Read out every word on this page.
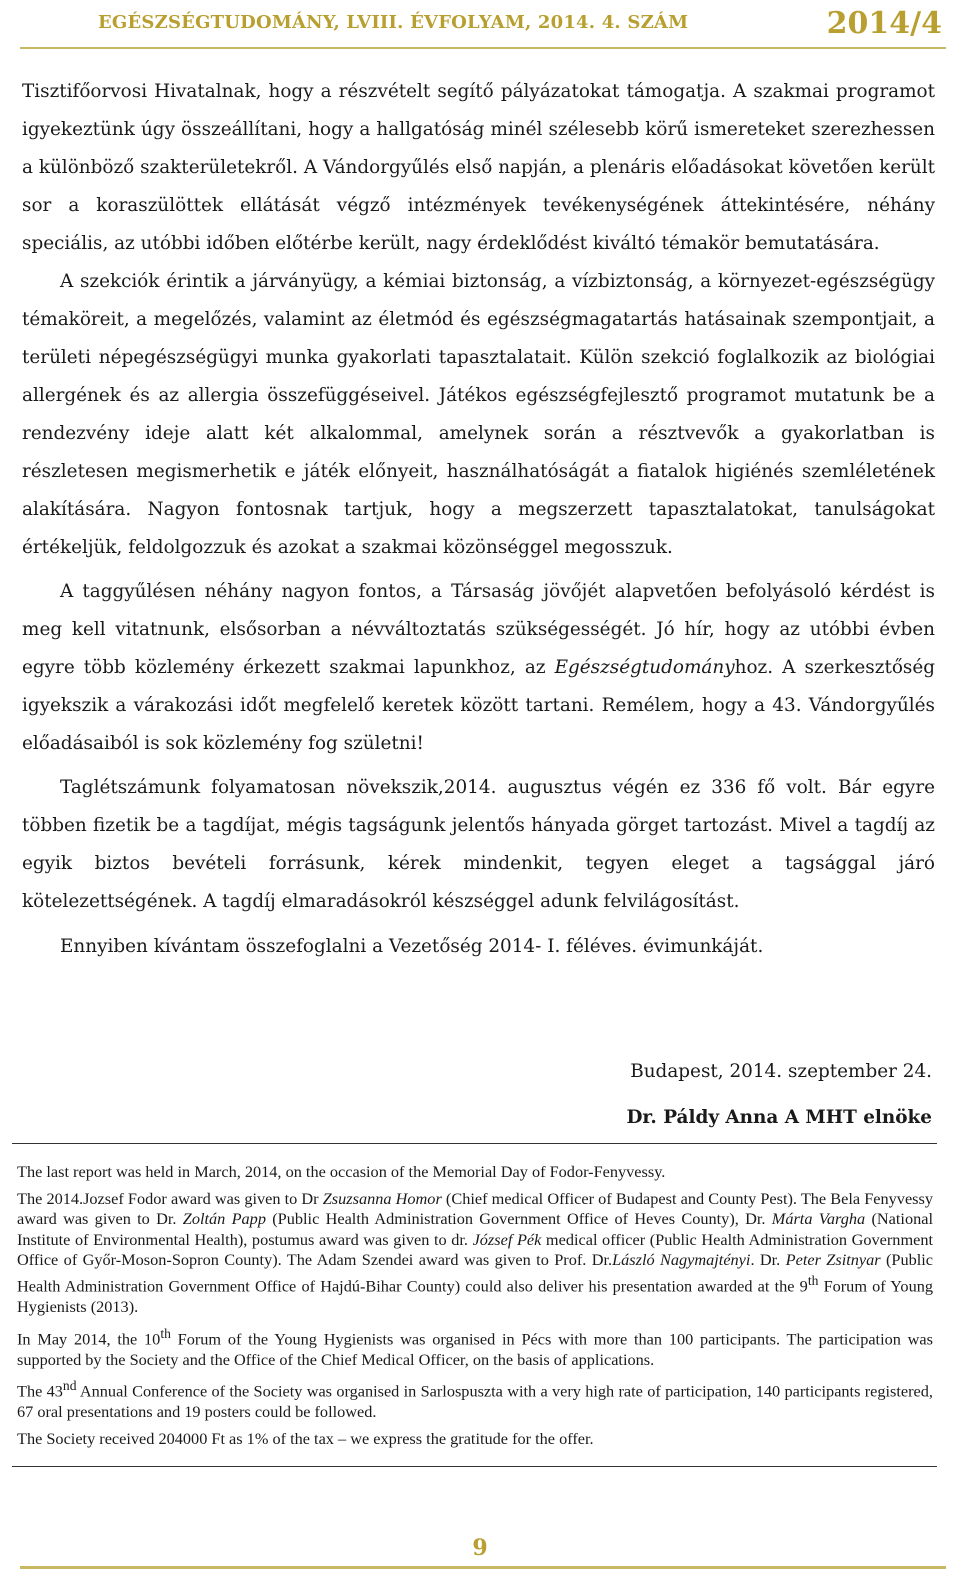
EGÉSZSÉGTUDOMÁNY, LVIII. ÉVFOLYAM, 2014. 4. SZÁM	2014/4

Tisztifőorvosi Hivatalnak, hogy a részvételt segítő pályázatokat támogatja. A szakmai programot igyekeztünk úgy összeállítani, hogy a hallgatóság minél szélesebb körű ismereteket szerezhessen a különböző szakterületekről. A Vándorgyűlés első napján, a plenáris előadásokat követően került sor a koraszülöttek ellátását végző intézmények tevékenységének áttekintésére, néhány speciális, az utóbbi időben előtérbe került, nagy érdeklődést kiváltó témakör bemutatására.

A szekciók érintik a járványügy, a kémiai biztonság, a vízbiztonság, a környezet-egészségügy témaköreit, a megelőzés, valamint az életmód és egészségmagatartás hatásainak szempontjait, a területi népegészségügyi munka gyakorlati tapasztalatait. Külön szekció foglalkozik az biológiai allergének és az allergia összefüggéseivel. Játékos egészségfejlesztő programot mutatunk be a rendezvény ideje alatt két alkalommal, amelynek során a résztvevők a gyakorlatban is részletesen megismerhetik e játék előnyeit, használhatóságát a fiatalok higiénés szemléletének alakítására. Nagyon fontosnak tartjuk, hogy a megszerzett tapasztalatokat, tanulságokat értékeljük, feldolgozzuk és azokat a szakmai közönséggel megosszuk.

A taggyűlésen néhány nagyon fontos, a Társaság jövőjét alapvetően befolyásoló kérdést is meg kell vitatnunk, elsősorban a névváltoztatás szükségességét. Jó hír, hogy az utóbbi évben egyre több közlemény érkezett szakmai lapunkhoz, az Egészségtudományhoz. A szerkesztőség igyekszik a várakozási időt megfelelő keretek között tartani. Remélem, hogy a 43. Vándorgyűlés előadásaiból is sok közlemény fog születni!

Taglétszámunk folyamatosan növekszik,2014. augusztus végén ez 336 fő volt. Bár egyre többen fizetik be a tagdíjat, mégis tagságunk jelentős hányada görget tartozást. Mivel a tagdíj az egyik biztos bevételi forrásunk, kérek mindenkit, tegyen eleget a tagsággal járó kötelezettségének. A tagdíj elmaradásokról készséggel adunk felvilágosítást.

Ennyiben kívántam összefoglalni a Vezetőség 2014- I. féléves. évimunkáját.

Budapest, 2014. szeptember 24.
Dr. Páldy Anna A MHT elnöke

The last report was held in March, 2014, on the occasion of the Memorial Day of Fodor-Fenyvessy.

The 2014.Jozsef Fodor award was given to Dr Zsuzsanna Homor (Chief medical Officer of Budapest and County Pest). The Bela Fenyvessy award was given to Dr. Zoltán Papp (Public Health Administration Government Office of Heves County), Dr. Márta Vargha (National Institute of Environmental Health), postumus award was given to dr. József Pék medical officer (Public Health Administration Government Office of Győr-Moson-Sopron County). The Adam Szendei award was given to Prof. Dr.László Nagymajtényi. Dr. Peter Zsitnyar (Public Health Administration Government Office of Hajdú-Bihar County) could also deliver his presentation awarded at the 9th Forum of Young Hygienists (2013).

In May 2014, the 10th Forum of the Young Hygienists was organised in Pécs with more than 100 participants. The participation was supported by the Society and the Office of the Chief Medical Officer, on the basis of applications.

The 43nd Annual Conference of the Society was organised in Sarlospuszta with a very high rate of participation, 140 participants registered, 67 oral presentations and 19 posters could be followed.

The Society received 204000 Ft as 1% of the tax – we express the gratitude for the offer.

9
